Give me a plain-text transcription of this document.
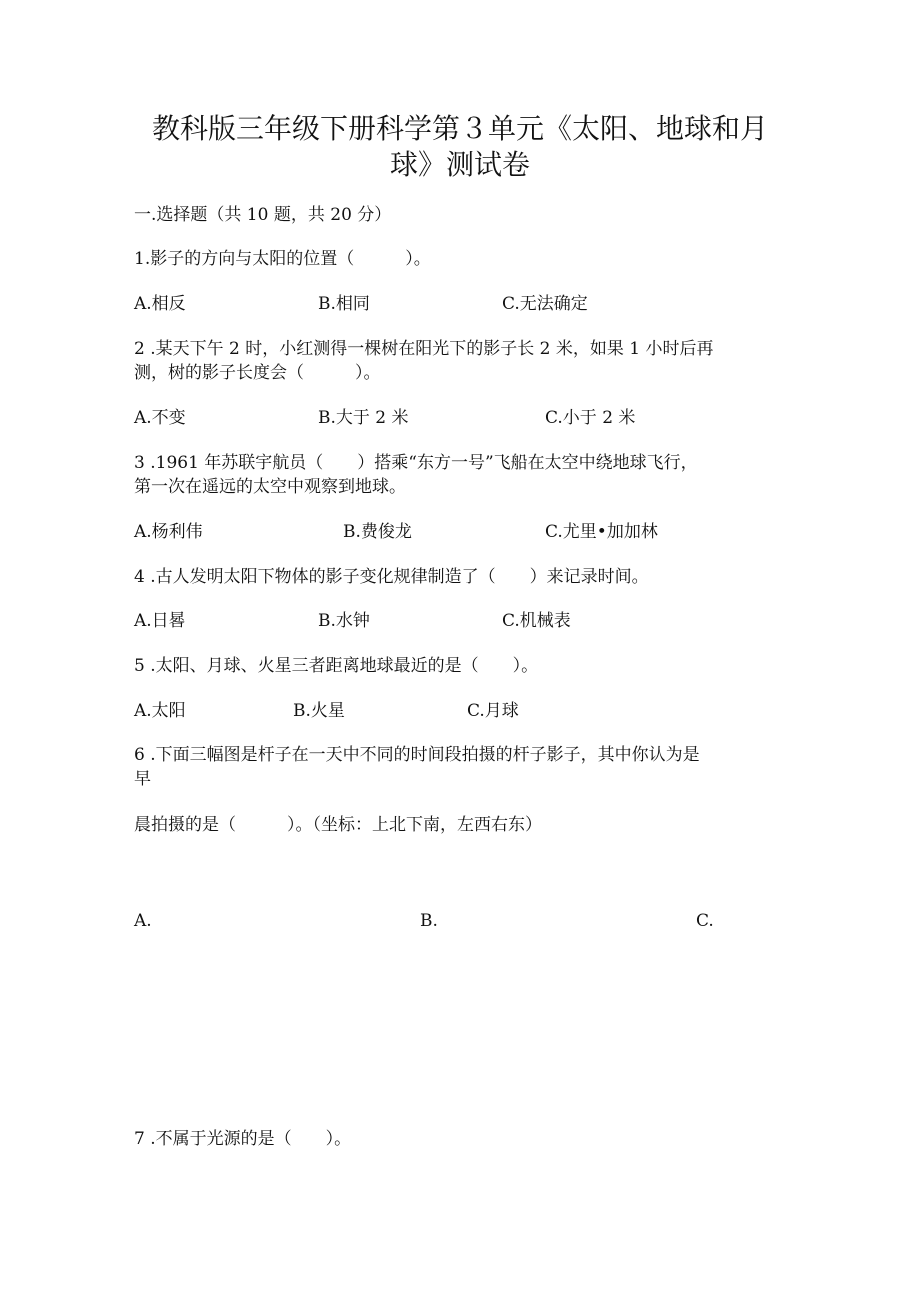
教科版三年级下册科学第３单元《太阳、地球和月
球》测试卷
一.选择题（共 10 题，共 20 分）
1.影子的方向与太阳的位置（　　　）。
A.相反	B.相同	C.无法确定
2 .某天下午 2 时，小红测得一棵树在阳光下的影子长 2 米，如果 1 小时后再
测，树的影子长度会（　　　）。
A.不变	B.大于 2 米	C.小于 2 米
3 .1961 年苏联宇航员（　　）搭乘“东方一号”飞船在太空中绕地球飞行，
第一次在遥远的太空中观察到地球。
A.杨利伟	B.费俊龙	C.尤里•加加林
4 .古人发明太阳下物体的影子变化规律制造了（　　）来记录时间。
A.日晷	B.水钟	C.机械表
5 .太阳、月球、火星三者距离地球最近的是（　　）。
A.太阳	B.火星	C.月球
6 .下面三幅图是杆子在一天中不同的时间段拍摄的杆子影子，其中你认为是
早
晨拍摄的是（　　　）。（坐标：上北下南，左西右东）
A.	B.	C.
7 .不属于光源的是（　　）。
